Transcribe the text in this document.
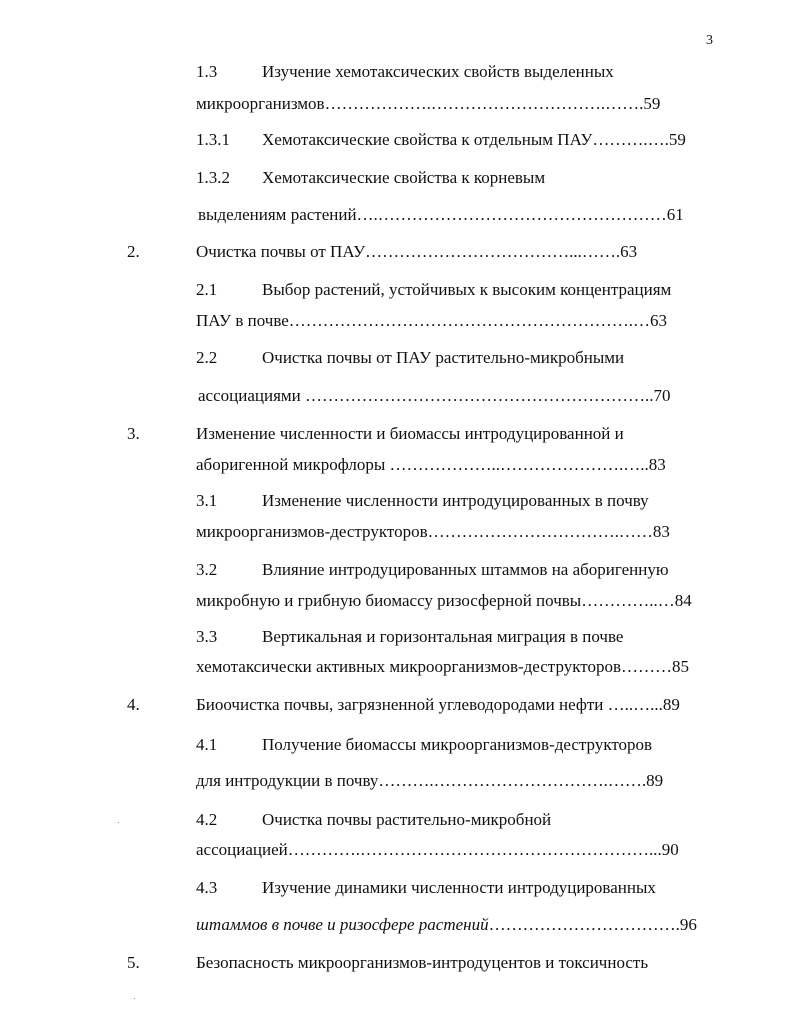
3
1.3	Изучение хемотаксических свойств выделенных
микроорганизмов……………….………………………….…….59
1.3.1 Хемотаксические свойства к отдельным ПАУ……….….59
1.3.2 Хемотаксические свойства к корневым
выделениям растений….……………………………………………61
2.	Очистка почвы от ПАУ………………………………...…….63
2.1	Выбор растений, устойчивых к высоким концентрациям
ПАУ в почве…………………………………………………….…63
2.2	Очистка почвы от ПАУ растительно-микробными
ассоциациями ……………………………………………………..70
3.	Изменение численности и биомассы интродуцированной и
аборигенной микрофлоры ………………..………………….…..83
3.1	Изменение численности интродуцированных в почву
микроорганизмов-деструкторов…………………………….……83
3.2	Влияние интродуцированных штаммов на аборигенную
микробную и грибную биомассу ризосферной почвы…………..…84
3.3	Вертикальная и горизонтальная миграция в почве
хемотаксически активных микроорганизмов-деструкторов………85
4.	Биоочистка почвы, загрязненной углеводородами нефти …..…...89
4.1	Получение биомассы микроорганизмов-деструкторов
для интродукции в почву……….………………………….…….89
4.2	Очистка почвы растительно-микробной
ассоциацией………….……………………………………………...90
4.3	Изучение динамики численности интродуцированных
штаммов в почве и ризосфере растений…………………………….96
5.	Безопасность микроорганизмов-интродуцентов и токсичность
